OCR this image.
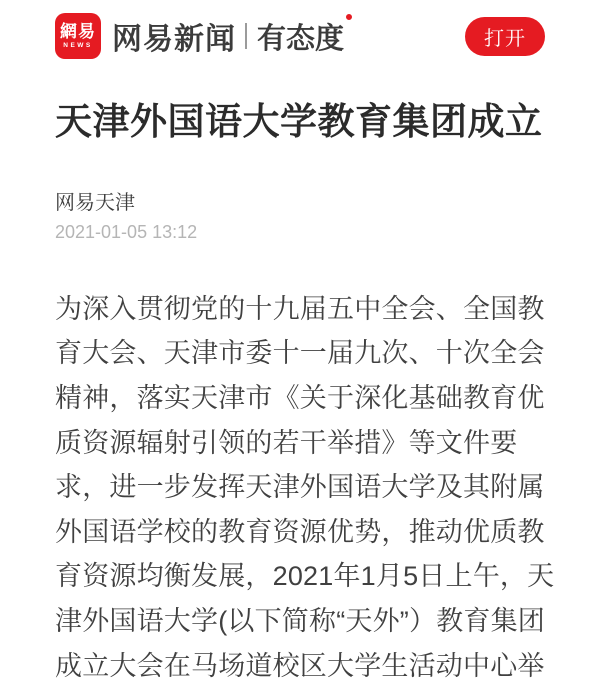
網易
NEWS 网易新闻 有态度	打开
天津外国语大学教育集团成立
网易天津
2021-01-05 13:12
为深入贯彻党的十九届五中全会、全国教
育大会、天津市委十一届九次、十次全会
精神，落实天津市《关于深化基础教育优
质资源辐射引领的若干举措》等文件要
求，进一步发挥天津外国语大学及其附属
外国语学校的教育资源优势，推动优质教
育资源均衡发展，2021年1月5日上午，天
津外国语大学(以下简称“天外”）教育集团
成立大会在马场道校区大学生活动中心举
